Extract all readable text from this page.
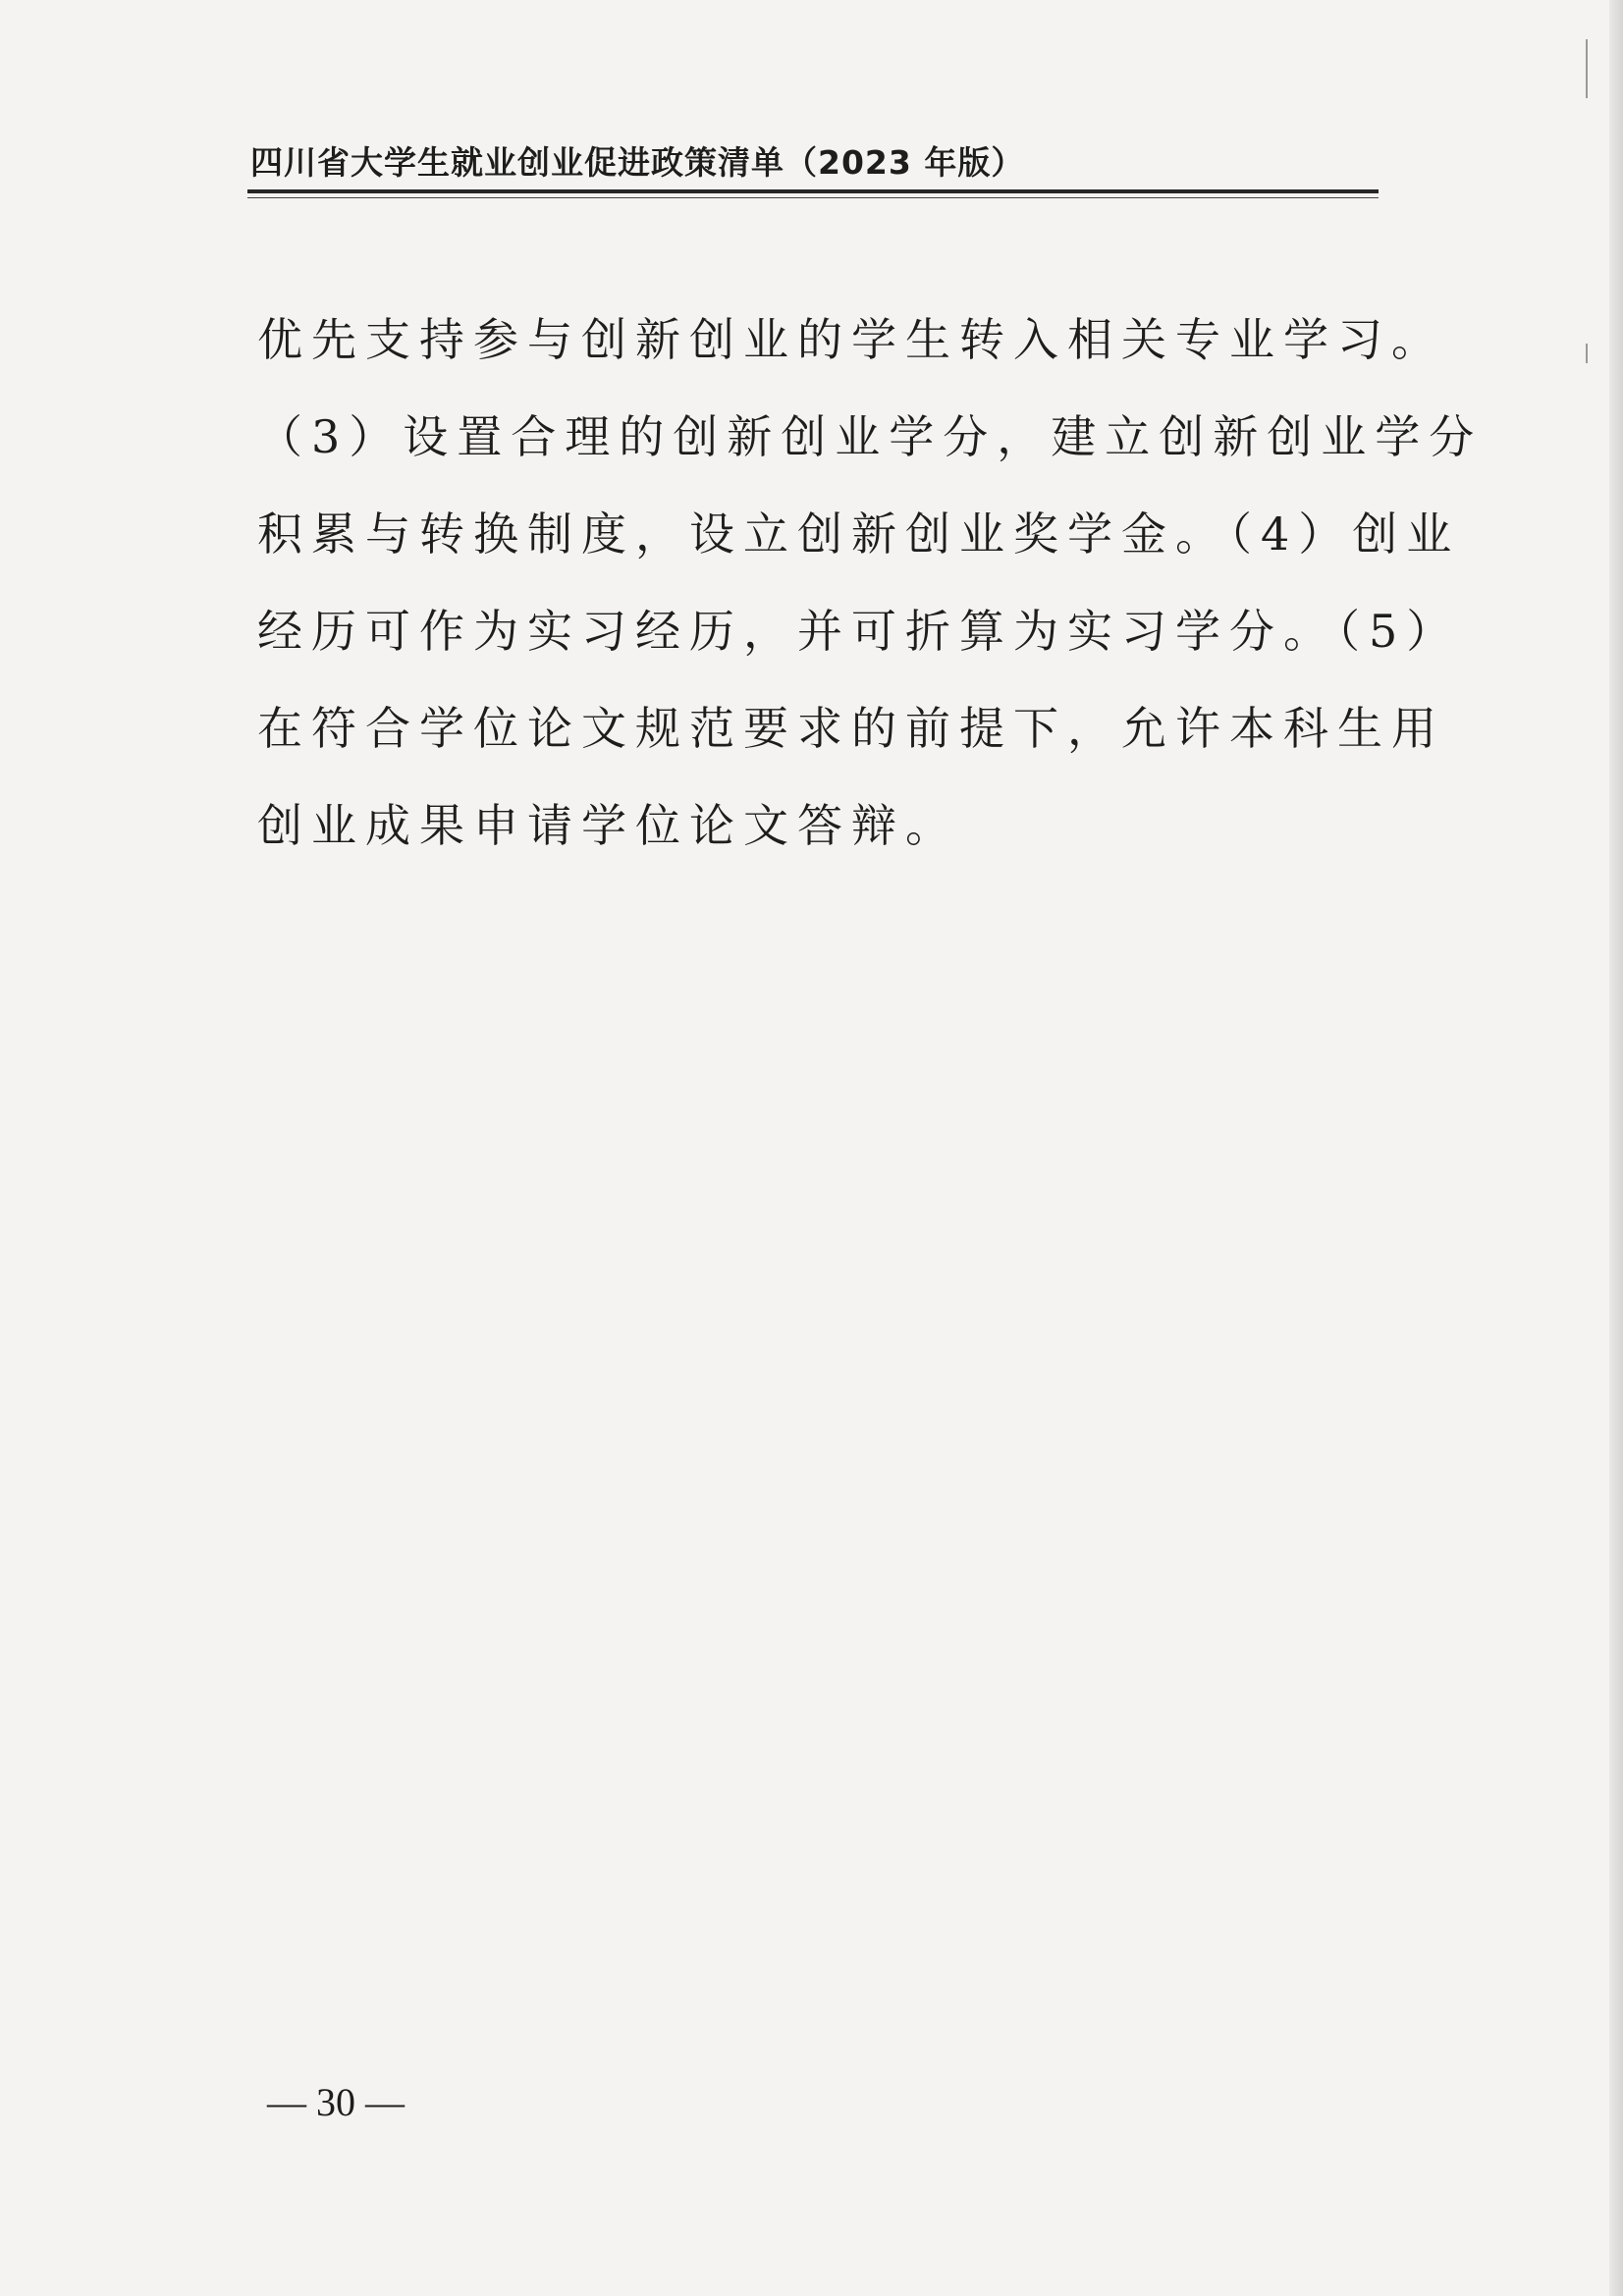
四川省大学生就业创业促进政策清单（2023 年版）
优先支持参与创新创业的学生转入相关专业学习。
（3）设置合理的创新创业学分，建立创新创业学分
积累与转换制度，设立创新创业奖学金。（4）创业
经历可作为实习经历，并可折算为实习学分。（5）
在符合学位论文规范要求的前提下，允许本科生用
创业成果申请学位论文答辩。
— 30 —
